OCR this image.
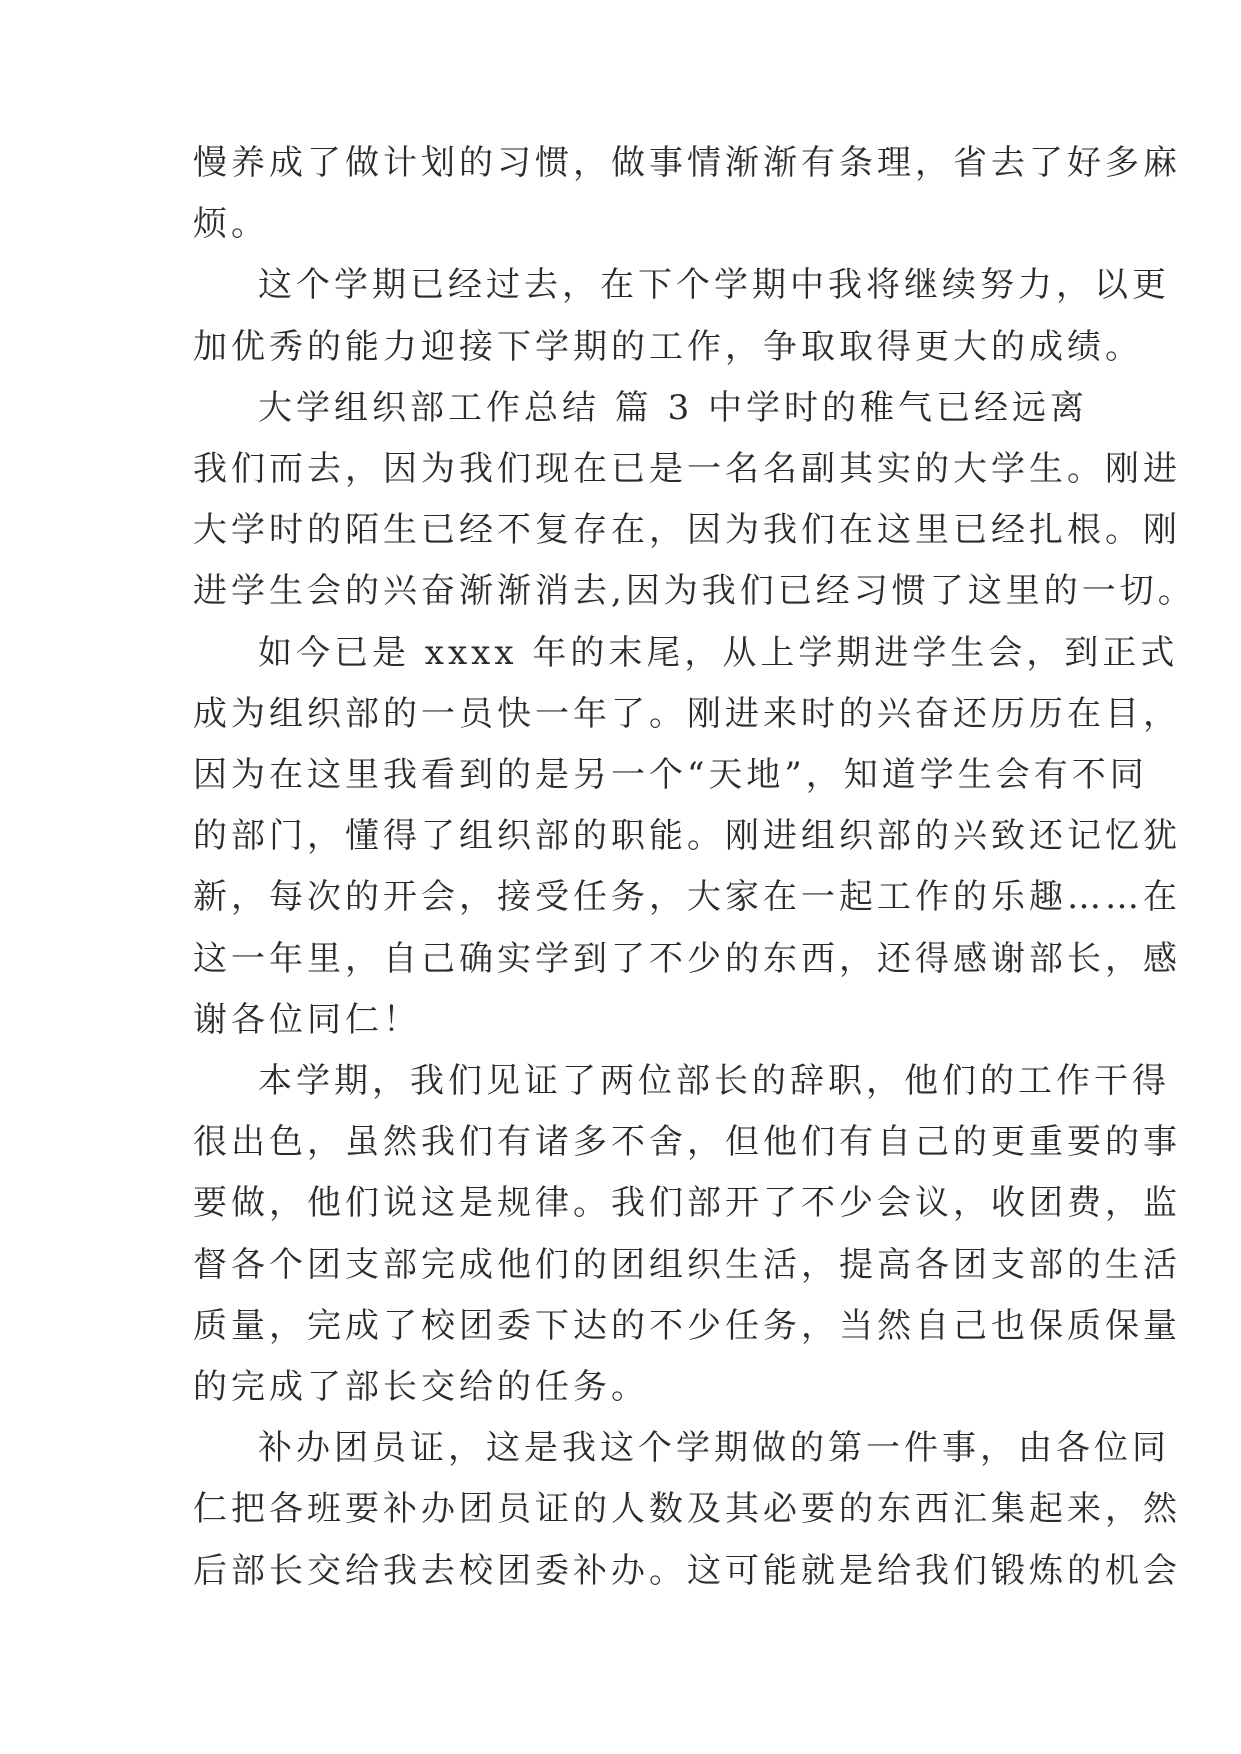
慢养成了做计划的习惯，做事情渐渐有条理，省去了好多麻
烦。
这个学期已经过去，在下个学期中我将继续努力，以更
加优秀的能力迎接下学期的工作，争取取得更大的成绩。
大学组织部工作总结 篇 3 中学时的稚气已经远离
我们而去，因为我们现在已是一名名副其实的大学生。刚进
大学时的陌生已经不复存在，因为我们在这里已经扎根。刚
进学生会的兴奋渐渐消去,因为我们已经习惯了这里的一切。
如今已是 xxxx 年的末尾，从上学期进学生会，到正式
成为组织部的一员快一年了。刚进来时的兴奋还历历在目，
因为在这里我看到的是另一个“天地”，知道学生会有不同
的部门，懂得了组织部的职能。刚进组织部的兴致还记忆犹
新，每次的开会，接受任务，大家在一起工作的乐趣……在
这一年里，自己确实学到了不少的东西，还得感谢部长，感
谢各位同仁！
本学期，我们见证了两位部长的辞职，他们的工作干得
很出色，虽然我们有诸多不舍，但他们有自己的更重要的事
要做，他们说这是规律。我们部开了不少会议，收团费，监
督各个团支部完成他们的团组织生活，提高各团支部的生活
质量，完成了校团委下达的不少任务，当然自己也保质保量
的完成了部长交给的任务。
补办团员证，这是我这个学期做的第一件事，由各位同
仁把各班要补办团员证的人数及其必要的东西汇集起来，然
后部长交给我去校团委补办。这可能就是给我们锻炼的机会
